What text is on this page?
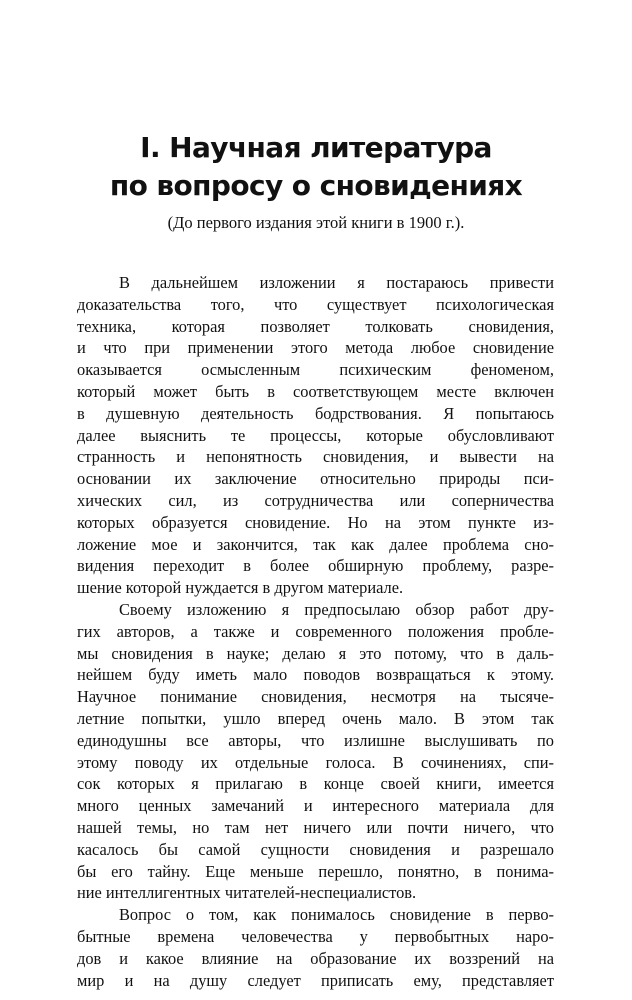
I. Научная литература
по вопросу о сновидениях
(До первого издания этой книги в 1900 г.).
В дальнейшем изложении я постараюсь привести
доказательства того, что существует психологическая
техника, которая позволяет толковать сновидения,
и что при применении этого метода любое сновидение
оказывается осмысленным психическим феноменом,
который может быть в соответствующем месте включен
в душевную деятельность бодрствования. Я попытаюсь
далее выяснить те процессы, которые обусловливают
странность и непонятность сновидения, и вывести на
основании их заключение относительно природы пси-
хических сил, из сотрудничества или соперничества
которых образуется сновидение. Но на этом пункте из-
ложение мое и закончится, так как далее проблема сно-
видения переходит в более обширную проблему, разре-
шение которой нуждается в другом материале.
Своему изложению я предпосылаю обзор работ дру-
гих авторов, а также и современного положения пробле-
мы сновидения в науке; делаю я это потому, что в даль-
нейшем буду иметь мало поводов возвращаться к этому.
Научное понимание сновидения, несмотря на тысяче-
летние попытки, ушло вперед очень мало. В этом так
единодушны все авторы, что излишне выслушивать по
этому поводу их отдельные голоса. В сочинениях, спи-
сок которых я прилагаю в конце своей книги, имеется
много ценных замечаний и интересного материала для
нашей темы, но там нет ничего или почти ничего, что
касалось бы самой сущности сновидения и разрешало
бы его тайну. Еще меньше перешло, понятно, в понима-
ние интеллигентных читателей-неспециалистов.
Вопрос о том, как понималось сновидение в перво-
бытные времена человечества у первобытных наро-
дов и какое влияние на образование их воззрений на
мир и на душу следует приписать ему, представляет
